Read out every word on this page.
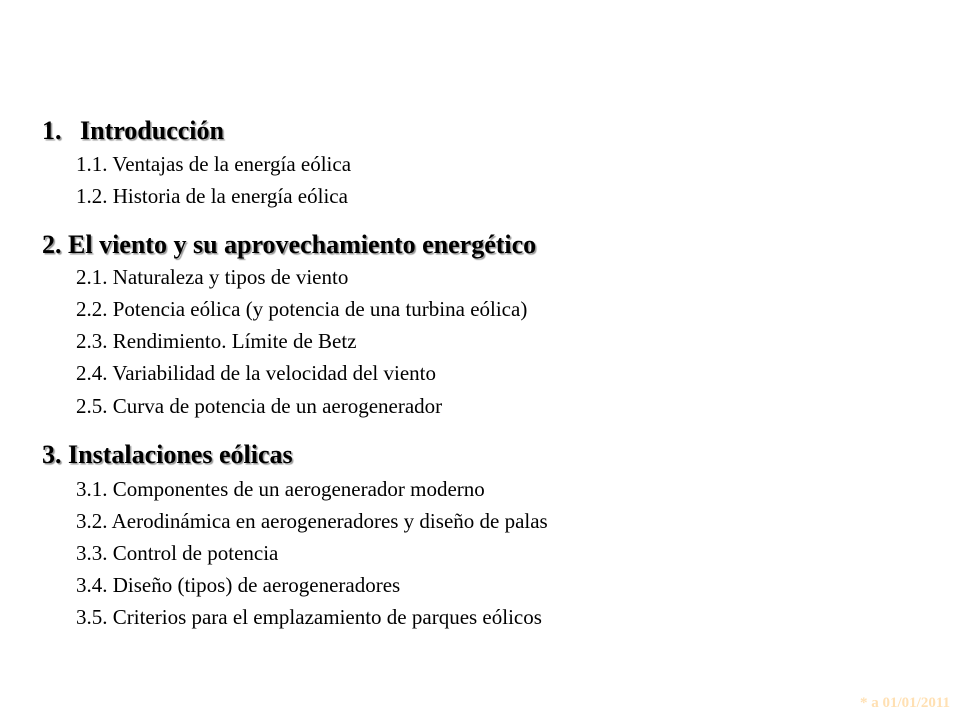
1. Introducción
1.1. Ventajas de la energía eólica
1.2. Historia de la energía eólica
2. El viento y su aprovechamiento energético
2.1. Naturaleza y tipos de viento
2.2. Potencia eólica (y potencia de una turbina eólica)
2.3. Rendimiento. Límite de Betz
2.4. Variabilidad de la velocidad del viento
2.5. Curva de potencia de un aerogenerador
3. Instalaciones eólicas
3.1. Componentes de un aerogenerador moderno
3.2. Aerodinámica en aerogeneradores y diseño de palas
3.3. Control de potencia
3.4. Diseño (tipos) de aerogeneradores
3.5. Criterios para el emplazamiento de parques eólicos
* a 01/01/2011
